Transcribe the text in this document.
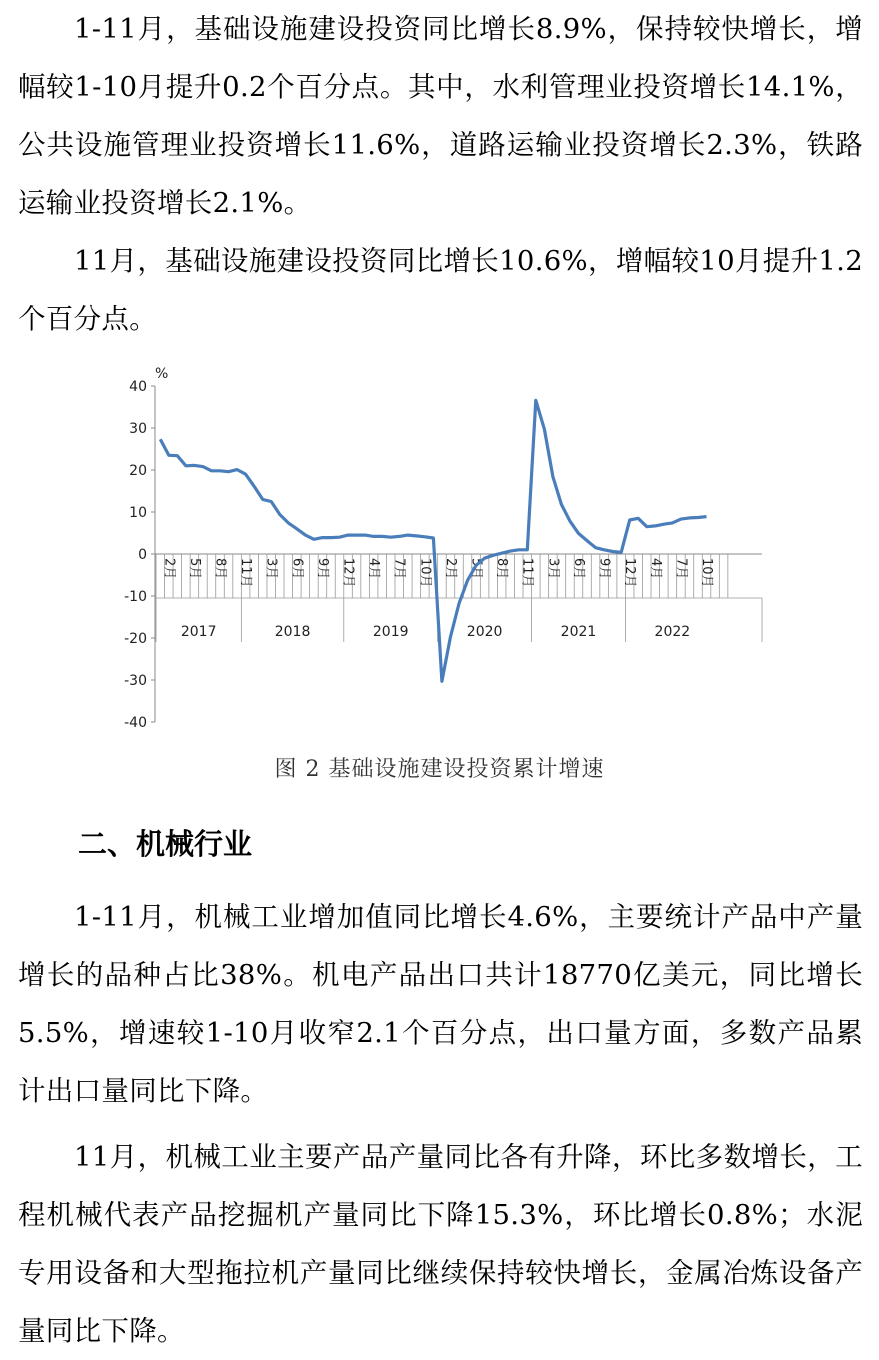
1-11月，基础设施建设投资同比增长8.9%，保持较快增长，增幅较1-10月提升0.2个百分点。其中，水利管理业投资增长14.1%，公共设施管理业投资增长11.6%，道路运输业投资增长2.3%，铁路运输业投资增长2.1%。

11月，基础设施建设投资同比增长10.6%，增幅较10月提升1.2个百分点。

40
30
20
10
0
-10
-20
-30
-40
%
2月 5月 8月 11月 3月 6月 9月 12月 4月 7月 10月 2月 5月 8月 11月 3月 6月 9月 12月 4月 7月 10月
2017	2018	2019	2020	2021	2022
图 2 基础设施建设投资累计增速
二、机械行业

1-11月，机械工业增加值同比增长4.6%，主要统计产品中产量增长的品种占比38%。机电产品出口共计18770亿美元，同比增长5.5%，增速较1-10月收窄2.1个百分点，出口量方面，多数产品累计出口量同比下降。

11月，机械工业主要产品产量同比各有升降，环比多数增长，工程机械代表产品挖掘机产量同比下降15.3%，环比增长0.8%；水泥专用设备和大型拖拉机产量同比继续保持较快增长，金属冶炼设备产量同比下降。
